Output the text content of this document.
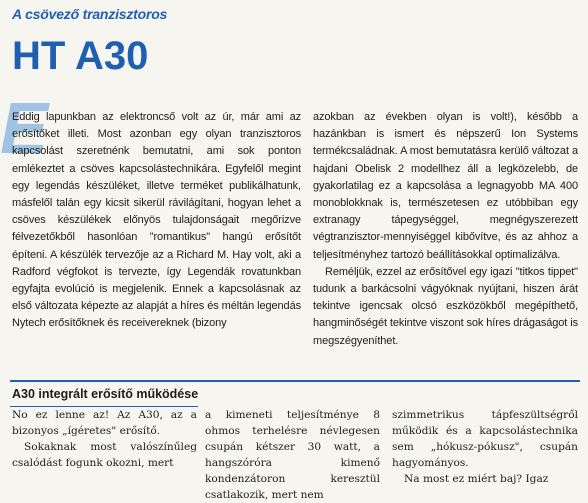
A csövező tranzisztoros
HT A30
E

Eddig lapunkban az elektroncső volt az úr, már ami az erősítőket illeti. Most azonban egy olyan tranzisztoros kapcsolást szeretnénk bemutatni, ami sok ponton emlékeztet a csöves kapcsolástechnikára. Egyfelől megint egy legendás készüléket, illetve terméket publikálhatunk, másfelől talán egy kicsit sikerül rávilágítani, hogyan lehet a csöves készülékek előnyös tulajdonságait megőrizve félvezetőkből hasonlóan "romantikus" hangú erősítőt építeni. A készülék tervezője az a Richard M. Hay volt, aki a Radford végfokot is tervezte, így Legendák rovatunkban egyfajta evolúció is megjelenik. Ennek a kapcsolásnak az első változata képezte az alapját a híres és méltán legendás Nytech erősítőknek és receivereknek (bizony

azokban az években olyan is volt!), később a hazánkban is ismert és népszerű Ion Systems termékcsaládnak. A most bemutatásra kerülő változat a hajdani Obelisk 2 modellhez áll a legközelebb, de gyakorlatilag ez a kapcsolása a legnagyobb MA 400 monoblokknak is, természetesen ez utóbbiban egy extranagy tápegységgel, megnégyszerezett végtranzisztor-mennyiséggel kibővítve, és az ahhoz a teljesítményhez tartozó beállításokkal optimalizálva.

Reméljük, ezzel az erősítővel egy igazi "titkos tippet" tudunk a barkácsolni vágyóknak nyújtani, hiszen árát tekintve igencsak olcsó eszközökből megépíthető, hangminőségét tekintve viszont sok híres drágaságot is megszégyeníthet.

A30 integrált erősítő működése

No ez lenne az! Az A30, az a bizonyos „ígéretes" erősítő.

Sokaknak most valószínűleg csalódást fogunk okozni, mert

a kimeneti teljesítménye 8 ohmos terhelésre névlegesen csupán kétszer 30 watt, a hangszóróra kimenő kondenzátoron keresztül csatlakozik, mert nem

szimmetrikus tápfeszültségről működik és a kapcsolástechnika sem „hókusz-pókusz", csupán hagyományos.

Na most ez miért baj? Igaz
